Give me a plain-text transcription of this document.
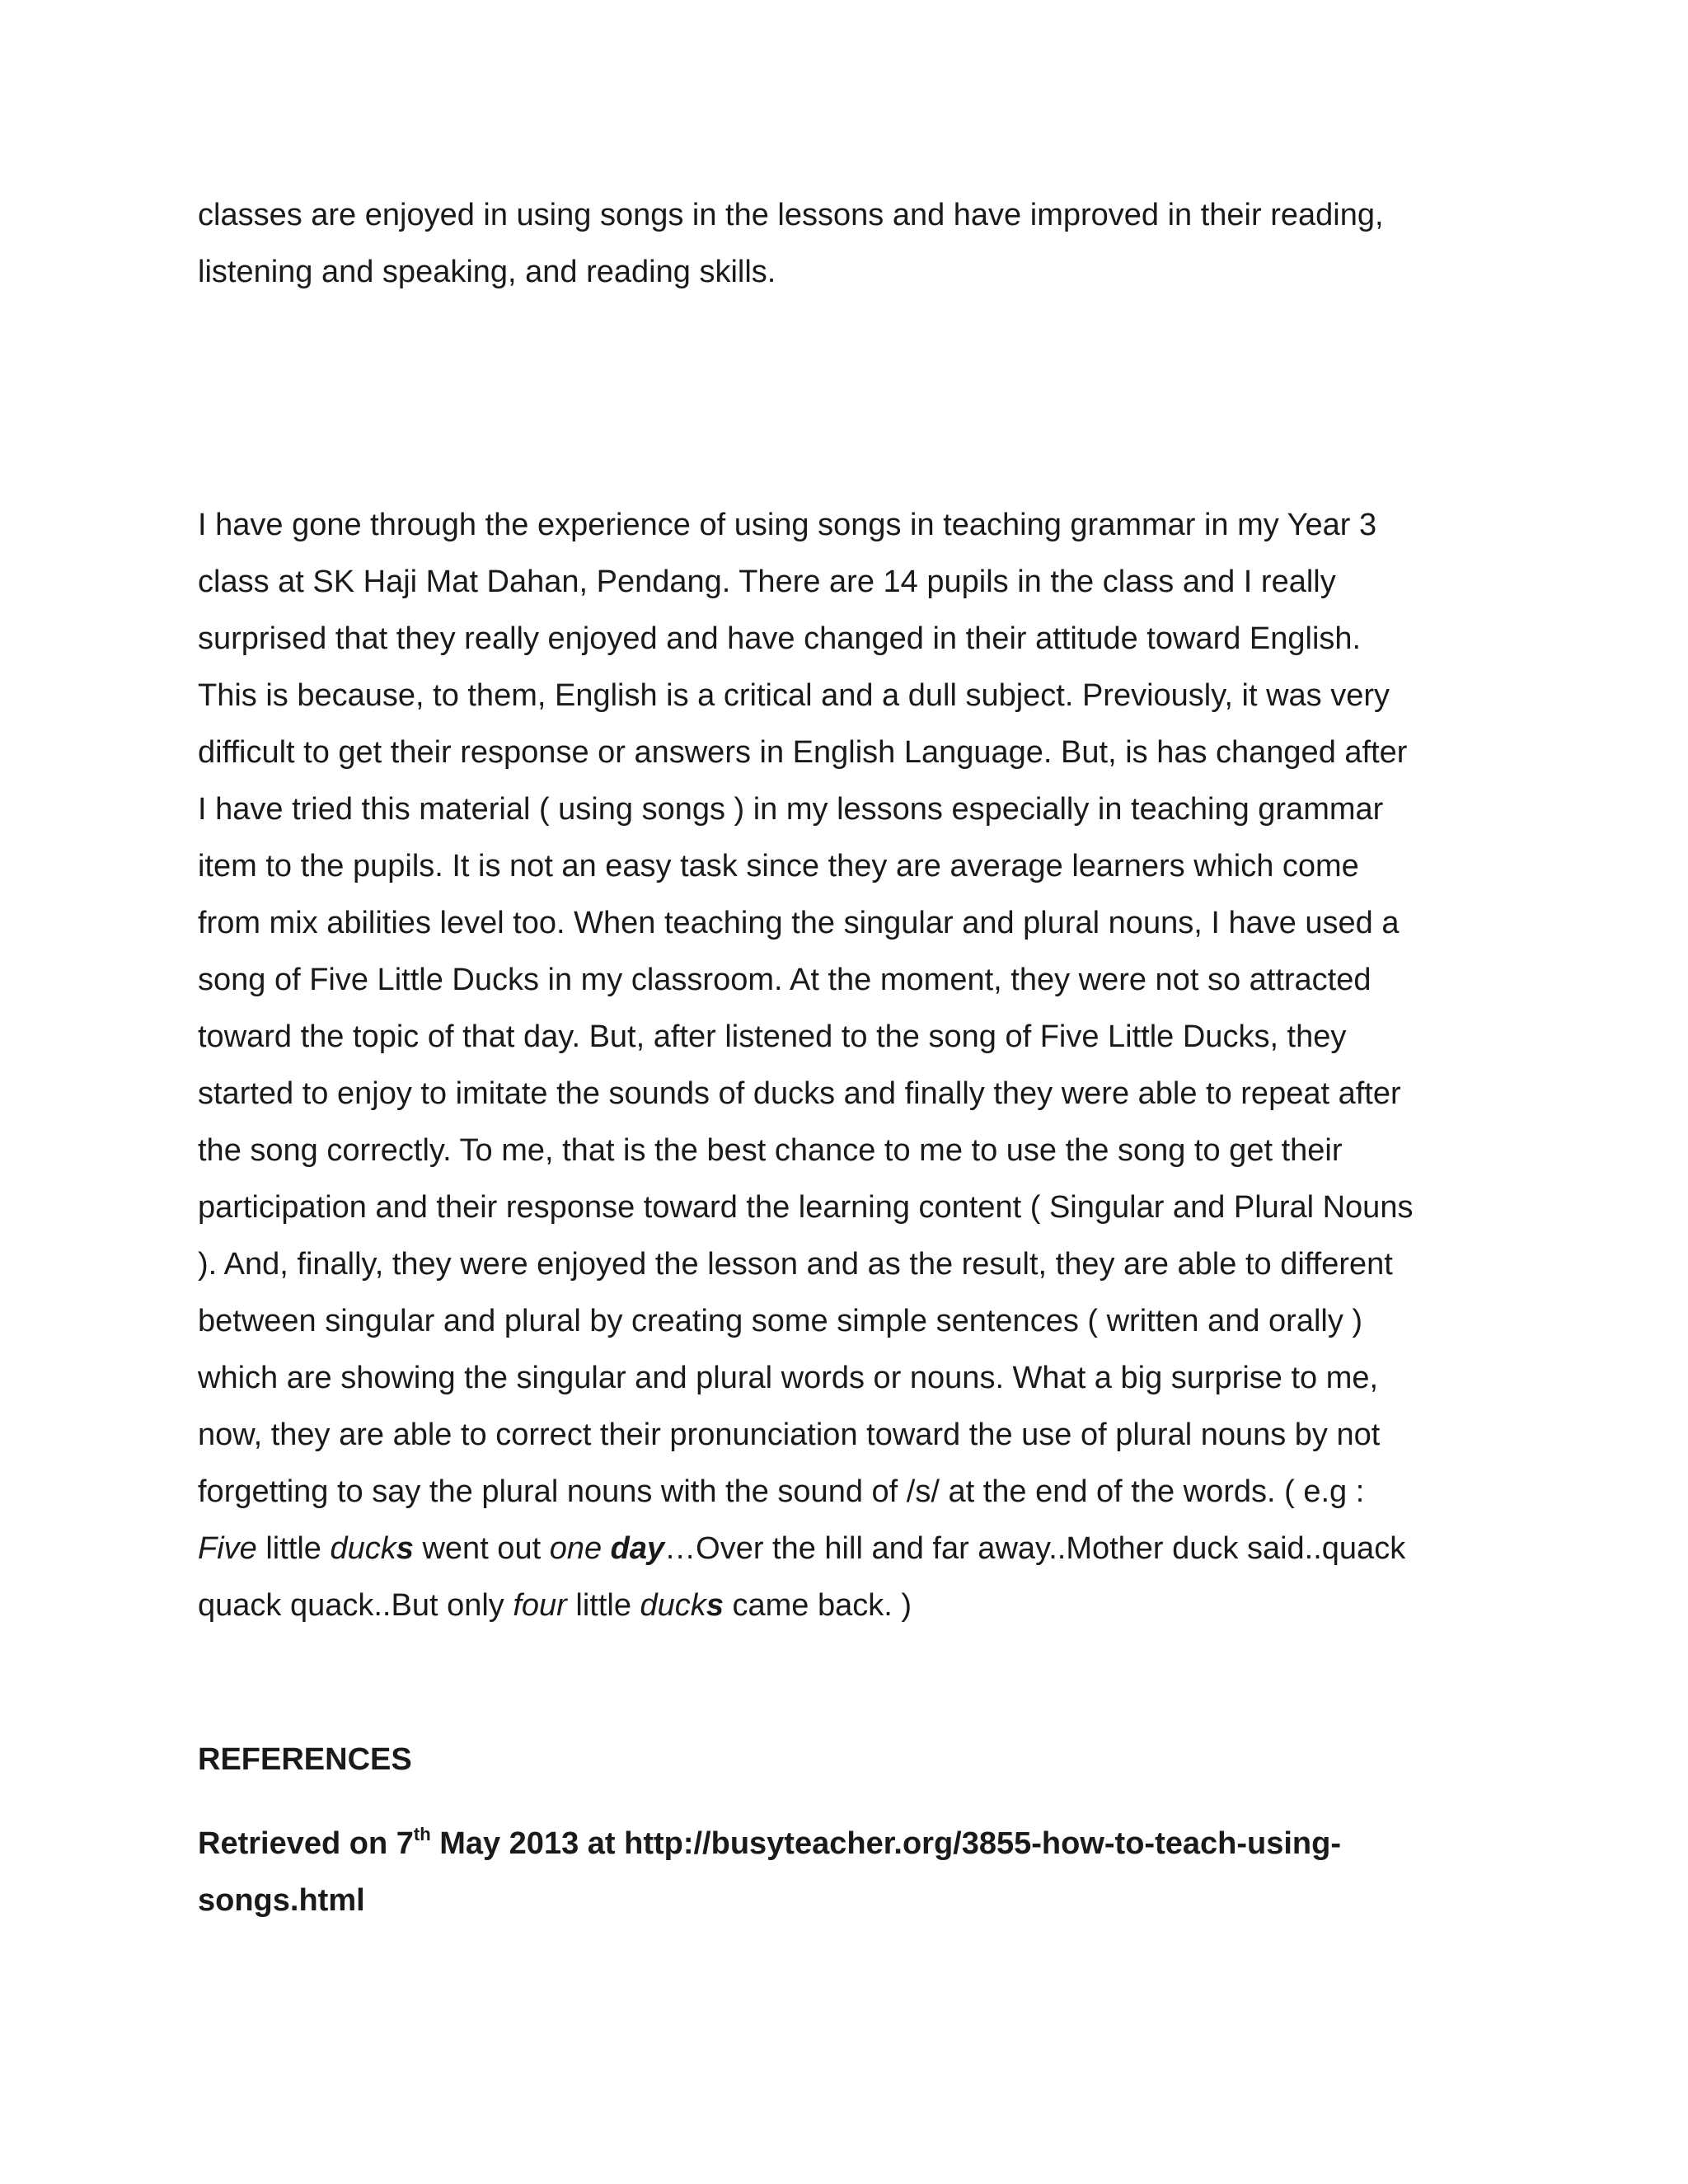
classes are enjoyed in using songs in the lessons and have improved in their reading,
listening and speaking, and reading skills.
I have gone through the experience of using songs in teaching grammar in my Year 3
class at SK Haji Mat Dahan, Pendang. There are 14 pupils in the class and I really
surprised that they really enjoyed and have changed in their attitude toward English.
This is because, to them, English is a critical and a dull subject. Previously, it was very
difficult to get their response or answers in English Language. But, is has changed after
I have tried this material ( using songs ) in my lessons especially in teaching grammar
item to the pupils. It is not an easy task since they are average learners which come
from mix abilities level too. When teaching the singular and plural nouns, I have used a
song of Five Little Ducks in my classroom. At the moment, they were not so attracted
toward the topic of that day. But, after listened to the song of Five Little Ducks, they
started to enjoy to imitate the sounds of ducks and finally they were able to repeat after
the song correctly. To me, that is the best chance to me to use the song to get their
participation and their response toward the learning content ( Singular and Plural Nouns
). And, finally, they were enjoyed the lesson and as the result, they are able to different
between singular and plural by creating some simple sentences ( written and orally )
which are showing the singular and plural words or nouns. What a big surprise to me,
now, they are able to correct their pronunciation toward the use of plural nouns by not
forgetting to say the plural nouns with the sound of /s/ at the end of the words. ( e.g :
Five little ducks went out one day…Over the hill and far away..Mother duck said..quack
quack quack..But only four little ducks came back. )
REFERENCES
Retrieved on 7th May 2013 at http://busyteacher.org/3855-how-to-teach-using-
songs.html
